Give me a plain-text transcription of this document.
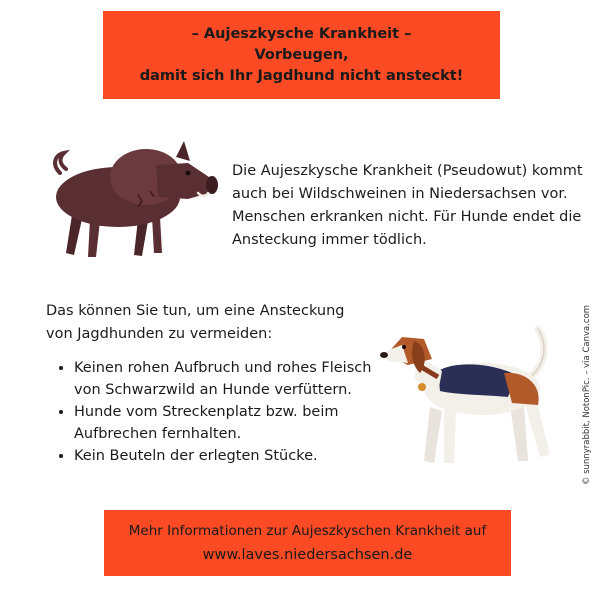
– Aujeszkysche Krankheit –
Vorbeugen,
damit sich Ihr Jagdhund nicht ansteckt!
Die Aujeszkysche Krankheit (Pseudowut) kommt auch bei Wildschweinen in Niedersachsen vor. Menschen erkranken nicht. Für Hunde endet die Ansteckung immer tödlich.
Das können Sie tun, um eine Ansteckung von Jagdhunden zu vermeiden:
• Keinen rohen Aufbruch und rohes Fleisch von Schwarzwild an Hunde verfüttern.
• Hunde vom Streckenplatz bzw. beim Aufbrechen fernhalten.
• Kein Beuteln der erlegten Stücke.
Mehr Informationen zur Aujeszkyschen Krankheit auf
www.laves.niedersachsen.de
© sunnyrabbit, NotonPic. – via Canva.com
